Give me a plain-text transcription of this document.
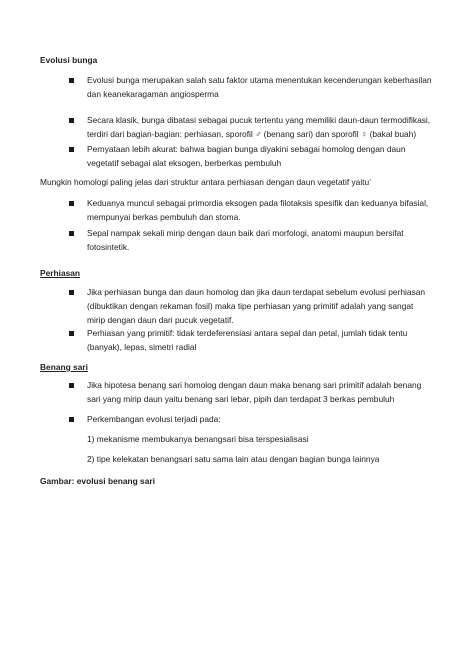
Evolusi bunga
Evolusi bunga merupakan salah satu faktor utama menentukan kecenderungan keberhasilan
dan keanekaragaman angiosperma
Secara klasik, bunga dibatasi sebagai pucuk tertentu yang memiliki daun-daun termodifikasi,
terdiri dari bagian-bagian: perhiasan, sporofil ♂ (benang sari) dan sporofil ♀ (bakal buah)
Pernyataan lebih akurat: bahwa bagian bunga diyakini sebagai homolog dengan daun
vegetatif sebagai alat eksogen, berberkas pembuluh
Mungkin homologi paling jelas dari struktur antara perhiasan dengan daun vegetatif yaitu’
Keduanya muncul sebagai primordia eksogen pada filotaksis spesifik dan keduanya bifasial,
mempunyai berkas pembuluh dan stoma.
Sepal nampak sekali mirip dengan daun baik dari morfologi, anatomi maupun bersifat
fotosintetik.
Perhiasan
Jika perhiasan bunga dan daun homolog dan jika daun terdapat sebelum evolusi perhiasan
(dibuktikan dengan rekaman fosil) maka tipe perhiasan yang primitif adalah yang sangat
mirip dengan daun dari pucuk vegetatif.
Perhiasan yang primitif: tidak terdeferensiasi antara sepal dan petal, jumlah tidak tentu
(banyak), lepas, simetri radial
Benang sari
Jika hipotesa benang sari homolog dengan daun maka benang sari primitif adalah benang
sari yang mirip daun yaitu benang sari lebar, pipih dan terdapat 3 berkas pembuluh
Perkembangan evolusi terjadi pada:
1) mekanisme membukanya benangsari bisa terspesialisasi
2) tipe kelekatan benangsari satu sama lain atau dengan bagian bunga lainnya
Gambar: evolusi benang sari
